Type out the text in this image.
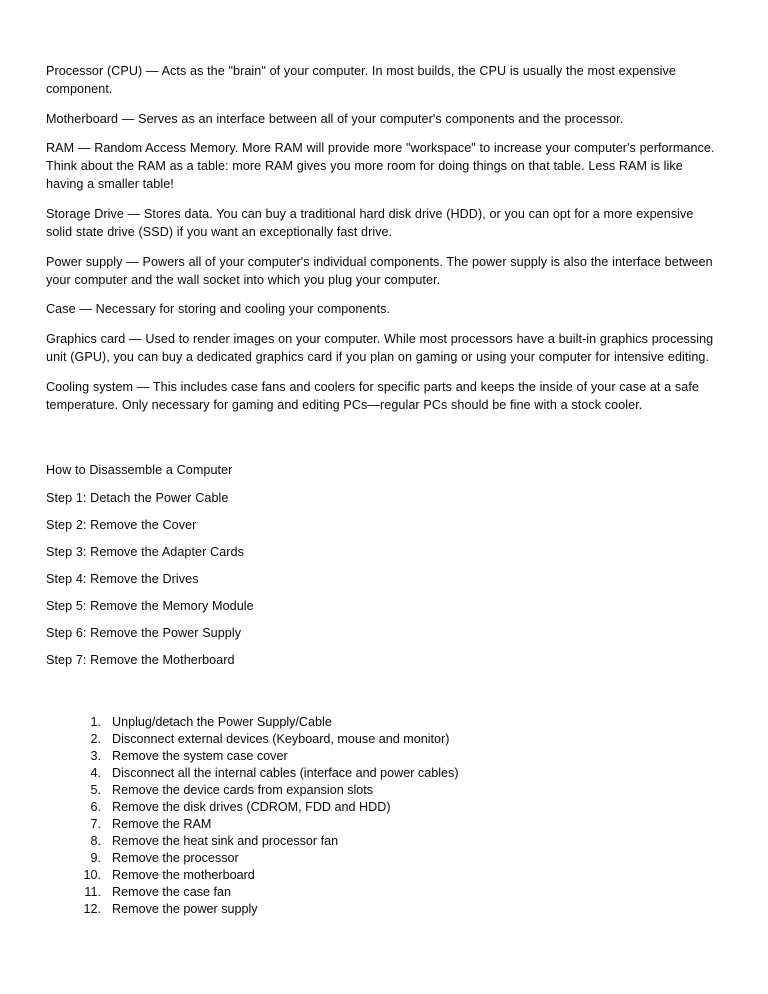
Processor (CPU) — Acts as the "brain" of your computer. In most builds, the CPU is usually the most expensive component.

Motherboard — Serves as an interface between all of your computer's components and the processor.

RAM — Random Access Memory. More RAM will provide more "workspace" to increase your computer's performance. Think about the RAM as a table: more RAM gives you more room for doing things on that table. Less RAM is like having a smaller table!

Storage Drive — Stores data. You can buy a traditional hard disk drive (HDD), or you can opt for a more expensive solid state drive (SSD) if you want an exceptionally fast drive.

Power supply — Powers all of your computer's individual components. The power supply is also the interface between your computer and the wall socket into which you plug your computer.

Case — Necessary for storing and cooling your components.

Graphics card — Used to render images on your computer. While most processors have a built-in graphics processing unit (GPU), you can buy a dedicated graphics card if you plan on gaming or using your computer for intensive editing.

Cooling system — This includes case fans and coolers for specific parts and keeps the inside of your case at a safe temperature. Only necessary for gaming and editing PCs—regular PCs should be fine with a stock cooler.

How to Disassemble a Computer

Step 1: Detach the Power Cable

Step 2: Remove the Cover

Step 3: Remove the Adapter Cards

Step 4: Remove the Drives

Step 5: Remove the Memory Module

Step 6: Remove the Power Supply

Step 7: Remove the Motherboard

Unplug/detach the Power Supply/Cable
Disconnect external devices (Keyboard, mouse and monitor)
Remove the system case cover
Disconnect all the internal cables (interface and power cables)
Remove the device cards from expansion slots
Remove the disk drives (CDROM, FDD and HDD)
Remove the RAM
Remove the heat sink and processor fan
Remove the processor
Remove the motherboard
Remove the case fan
Remove the power supply
